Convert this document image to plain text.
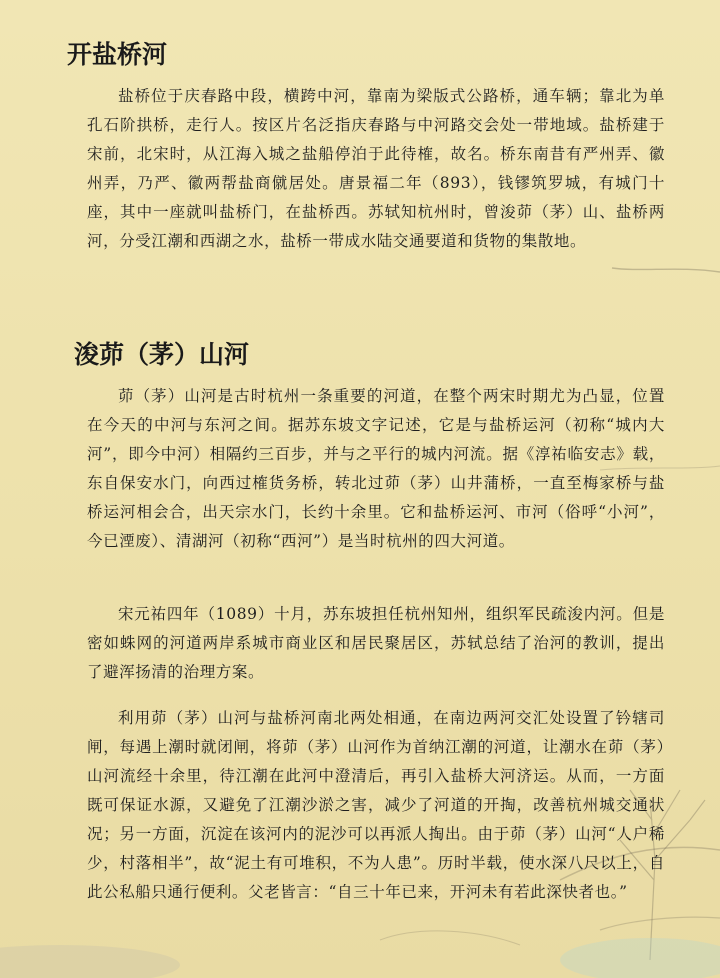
开盐桥河

盐桥位于庆春路中段，横跨中河，靠南为梁版式公路桥，通车辆；靠北为单孔石阶拱桥，走行人。按区片名泛指庆春路与中河路交会处一带地域。盐桥建于宋前，北宋时，从江海入城之盐船停泊于此待榷，故名。桥东南昔有严州弄、徽州弄，乃严、徽两帮盐商僦居处。唐景福二年（893），钱镠筑罗城，有城门十座，其中一座就叫盐桥门，在盐桥西。苏轼知杭州时，曾浚茆（茅）山、盐桥两河，分受江潮和西湖之水，盐桥一带成水陆交通要道和货物的集散地。

浚茆（茅）山河

茆（茅）山河是古时杭州一条重要的河道，在整个两宋时期尤为凸显，位置在今天的中河与东河之间。据苏东坡文字记述，它是与盐桥运河（初称“城内大河”，即今中河）相隔约三百步，并与之平行的城内河流。据《淳祐临安志》载，东自保安水门，向西过榷货务桥，转北过茆（茅）山井蒲桥，一直至梅家桥与盐桥运河相会合，出天宗水门，长约十余里。它和盐桥运河、市河（俗呼“小河”，今已湮废）、清湖河（初称“西河”）是当时杭州的四大河道。

宋元祐四年（1089）十月，苏东坡担任杭州知州，组织军民疏浚内河。但是密如蛛网的河道两岸系城市商业区和居民聚居区，苏轼总结了治河的教训，提出了避浑扬清的治理方案。

利用茆（茅）山河与盐桥河南北两处相通，在南边两河交汇处设置了钤辖司闸，每遇上潮时就闭闸，将茆（茅）山河作为首纳江潮的河道，让潮水在茆（茅）山河流经十余里，待江潮在此河中澄清后，再引入盐桥大河济运。从而，一方面既可保证水源，又避免了江潮沙淤之害，减少了河道的开掏，改善杭州城交通状况；另一方面，沉淀在该河内的泥沙可以再派人掏出。由于茆（茅）山河“人户稀少，村落相半”，故“泥土有可堆积，不为人患”。历时半载，使水深八尺以上，自此公私船只通行便利。父老皆言：“自三十年已来，开河未有若此深快者也。”
